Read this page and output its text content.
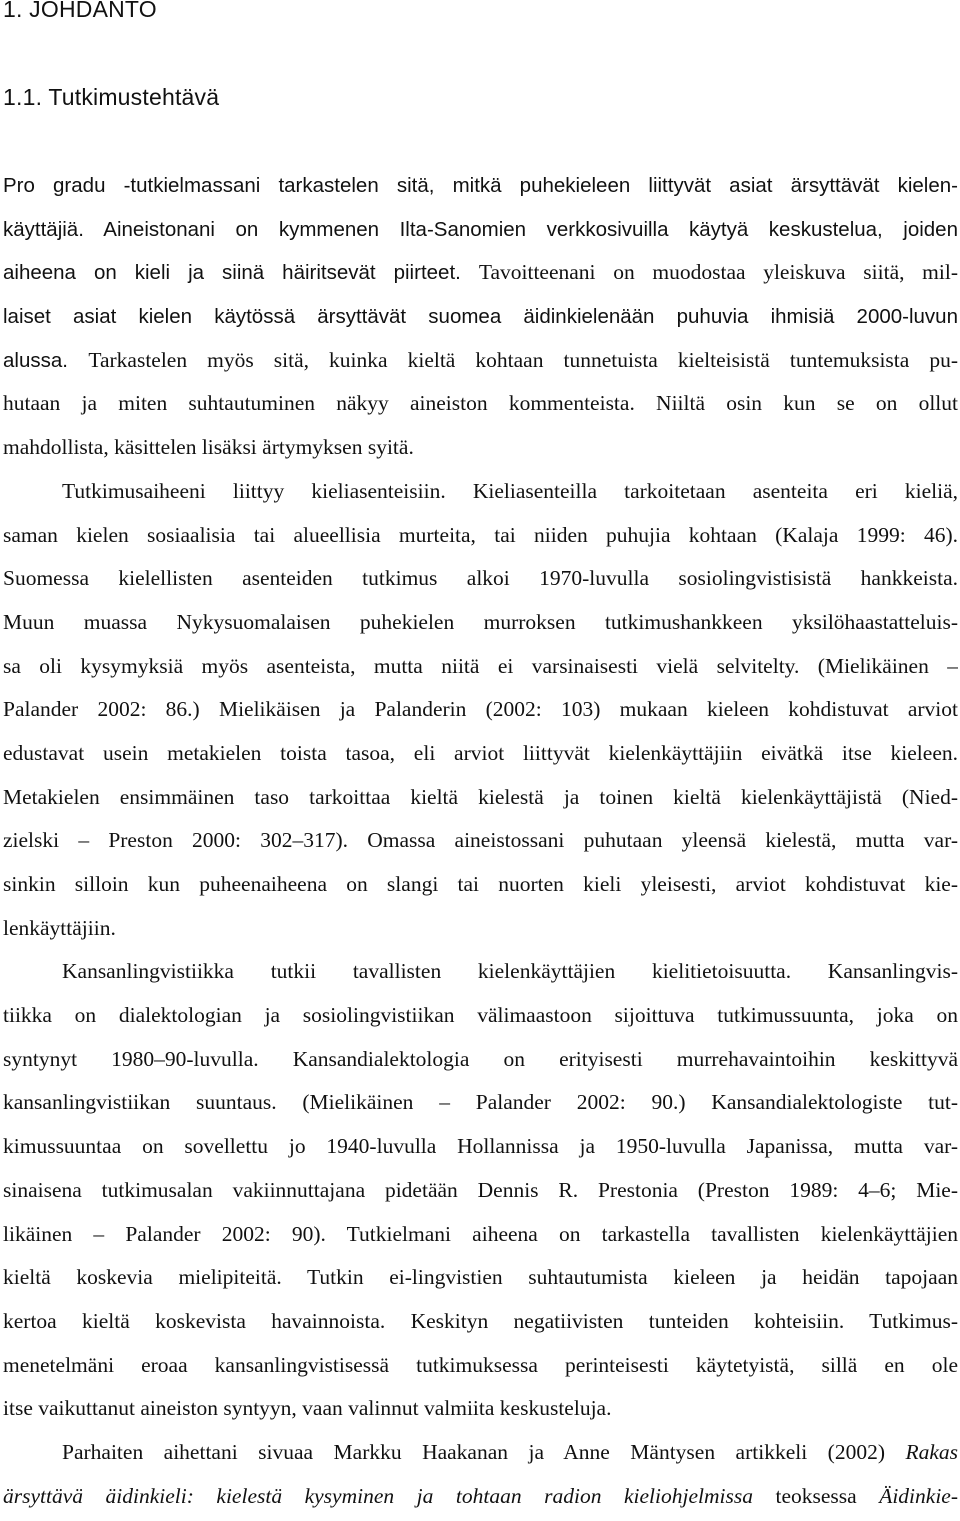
1. JOHDANTO
1.1. Tutkimustehtävä
Pro gradu -tutkielmassani tarkastelen sitä, mitkä puhekieleen liittyvät asiat ärsyttävät kielen-
käyttäjiä. Aineistonani on kymmenen Ilta-Sanomien verkkosivuilla käytyä keskustelua, joiden
aiheena on kieli ja siinä häiritsevät piirteet. Tavoitteenani on muodostaa yleiskuva siitä, mil-
laiset asiat kielen käytössä ärsyttävät suomea äidinkielenään puhuvia ihmisiä 2000-luvun
alussa. Tarkastelen myös sitä, kuinka kieltä kohtaan tunnetuista kielteisistä tuntemuksista pu-
hutaan ja miten suhtautuminen näkyy aineiston kommenteista. Niiltä osin kun se on ollut
mahdollista, käsittelen lisäksi ärtymyksen syitä.
Tutkimusaiheeni liittyy kieliasenteisiin. Kieliasenteilla tarkoitetaan asenteita eri kieliä,
saman kielen sosiaalisia tai alueellisia murteita, tai niiden puhujia kohtaan (Kalaja 1999: 46).
Suomessa kielellisten asenteiden tutkimus alkoi 1970-luvulla sosiolingvistisistä hankkeista.
Muun muassa Nykysuomalaisen puhekielen murroksen tutkimushankkeen yksilöhaastatteluis-
sa oli kysymyksiä myös asenteista, mutta niitä ei varsinaisesti vielä selvitelty. (Mielikäinen –
Palander 2002: 86.) Mielikäisen ja Palanderin (2002: 103) mukaan kieleen kohdistuvat arviot
edustavat usein metakielen toista tasoa, eli arviot liittyvät kielenkäyttäjiin eivätkä itse kieleen.
Metakielen ensimmäinen taso tarkoittaa kieltä kielestä ja toinen kieltä kielenkäyttäjistä (Nied-
zielski – Preston 2000: 302–317). Omassa aineistossani puhutaan yleensä kielestä, mutta var-
sinkin silloin kun puheenaiheena on slangi tai nuorten kieli yleisesti, arviot kohdistuvat kie-
lenkäyttäjiin.
Kansanlingvistiikka tutkii tavallisten kielenkäyttäjien kielitietoisuutta. Kansanlingvis-
tiikka on dialektologian ja sosiolingvistiikan välimaastoon sijoittuva tutkimussuunta, joka on
syntynyt 1980–90-luvulla. Kansandialektologia on erityisesti murrehavaintoihin keskittyvä
kansanlingvistiikan suuntaus. (Mielikäinen – Palander 2002: 90.) Kansandialektologiste tut-
kimussuuntaa on sovellettu jo 1940-luvulla Hollannissa ja 1950-luvulla Japanissa, mutta var-
sinaisena tutkimusalan vakiinnuttajana pidetään Dennis R. Prestonia (Preston 1989: 4–6; Mie-
likäinen – Palander 2002: 90). Tutkielmani aiheena on tarkastella tavallisten kielenkäyttäjien
kieltä koskevia mielipiteitä. Tutkin ei-lingvistien suhtautumista kieleen ja heidän tapojaan
kertoa kieltä koskevista havainnoista. Keskityn negatiivisten tunteiden kohteisiin. Tutkimus-
menetelmäni eroaa kansanlingvistisessä tutkimuksessa perinteisesti käytetyistä, sillä en ole
itse vaikuttanut aineiston syntyyn, vaan valinnut valmiita keskusteluja.
Parhaiten aihettani sivuaa Markku Haakanan ja Anne Mäntysen artikkeli (2002) Rakas
ärsyttävä äidinkieli: kielestä kysyminen ja tohtaan radion kieliohjelmissa teoksessa Äidinkie-
